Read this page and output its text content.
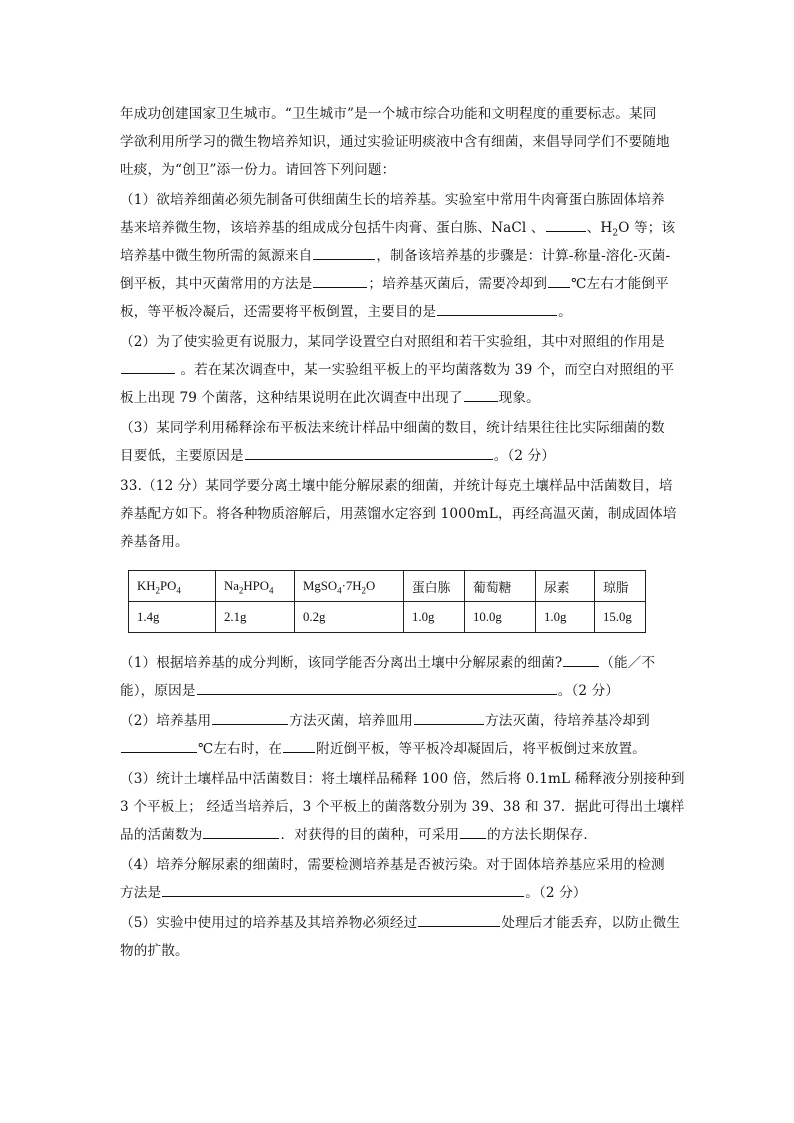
年成功创建国家卫生城市。“卫生城市”是一个城市综合功能和文明程度的重要标志。某同
学欲利用所学习的微生物培养知识，通过实验证明痰液中含有细菌，来倡导同学们不要随地
吐痰，为“创卫”添一份力。请回答下列问题：
（1）欲培养细菌必须先制备可供细菌生长的培养基。实验室中常用牛肉膏蛋白胨固体培养
基来培养微生物，该培养基的组成成分包括牛肉膏、蛋白胨、NaCl 、	、$H_2O$ 等；该
培养基中微生物所需的氮源来自	，制备该培养基的步骤是：计算-称量-溶化-灭菌-
倒平板，其中灭菌常用的方法是	；培养基灭菌后，需要冷却到 ℃左右才能倒平
板，等平板冷凝后，还需要将平板倒置，主要目的是	。
（2）为了使实验更有说服力，某同学设置空白对照组和若干实验组，其中对照组的作用是
。若在某次调查中，某一实验组平板上的平均菌落数为 39 个，而空白对照组的平
板上出现 79 个菌落，这种结果说明在此次调查中出现了	现象。
（3）某同学利用稀释涂布平板法来统计样品中细菌的数目，统计结果往往比实际细菌的数
目要低，主要原因是	。（2 分）
33.（12 分）某同学要分离土壤中能分解尿素的细菌，并统计每克土壤样品中活菌数目，培
养基配方如下。将各种物质溶解后，用蒸馏水定容到 1000mL，再经高温灭菌，制成固体培
养基备用。
$KH_2PO_4$	$Na_2HPO_4$	$MgSO_4\cdot 7H_2O$	蛋白胨	葡萄糖	尿素	琼脂
1.4g	2.1g	0.2g	1.0g	10.0g	1.0g	15.0g
（1）根据培养基的成分判断，该同学能否分离出土壤中分解尿素的细菌?	（能／不
能），原因是	。（2 分）
（2）培养基用	方法灭菌，培养皿用	方法灭菌，待培养基冷却到
℃左右时，在	附近倒平板，等平板冷却凝固后，将平板倒过来放置。
（3）统计土壤样品中活菌数目：将土壤样品稀释 100 倍，然后将 0.1mL 稀释液分别接种到
3 个平板上； 经适当培养后，3 个平板上的菌落数分别为 39、38 和 37．据此可得出土壤样
品的活菌数为	．对获得的目的菌种，可采用 的方法长期保存．
（4）培养分解尿素的细菌时，需要检测培养基是否被污染。对于固体培养基应采用的检测
方法是	。（2 分）
（5）实验中使用过的培养基及其培养物必须经过	处理后才能丢弃，以防止微生
物的扩散。
